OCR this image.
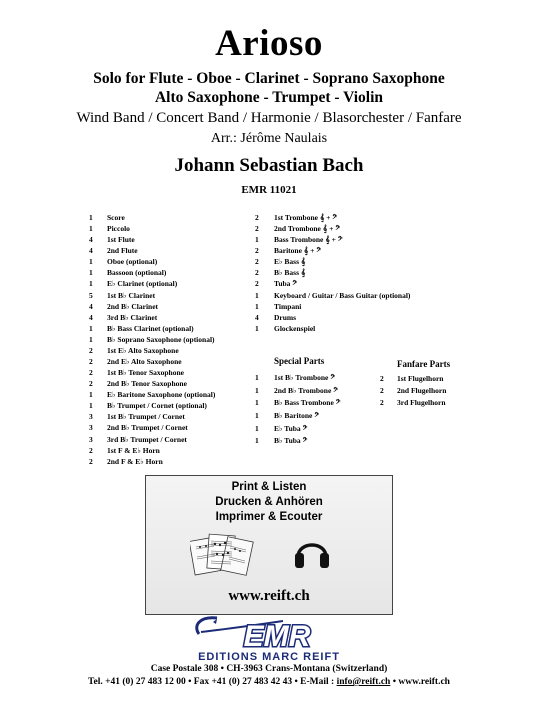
Arioso
Solo for Flute - Oboe - Clarinet - Soprano Saxophone
Alto Saxophone - Trumpet - Violin
Wind Band / Concert Band / Harmonie / Blasorchester / Fanfare
Arr.: Jérôme Naulais
Johann Sebastian Bach
EMR 11021
1 Score
1 Piccolo
4 1st Flute
4 2nd Flute
1 Oboe (optional)
1 Bassoon (optional)
1 E♭ Clarinet (optional)
5 1st B♭ Clarinet
4 2nd B♭ Clarinet
4 3rd B♭ Clarinet
1 B♭ Bass Clarinet (optional)
1 B♭ Soprano Saxophone (optional)
2 1st E♭ Alto Saxophone
2 2nd E♭ Alto Saxophone
2 1st B♭ Tenor Saxophone
2 2nd B♭ Tenor Saxophone
1 E♭ Baritone Saxophone (optional)
1 B♭ Trumpet / Cornet (optional)
3 1st B♭ Trumpet / Cornet
3 2nd B♭ Trumpet / Cornet
3 3rd B♭ Trumpet / Cornet
2 1st F & E♭ Horn
2 2nd F & E♭ Horn
2 1st Trombone 𝄞 + 𝄢
2 2nd Trombone 𝄞 + 𝄢
1 Bass Trombone 𝄞 + 𝄢
2 Baritone 𝄞 + 𝄢
2 E♭ Bass 𝄞
2 B♭ Bass 𝄞
2 Tuba 𝄢
1 Keyboard / Guitar / Bass Guitar (optional)
1 Timpani
4 Drums
1 Glockenspiel
Special Parts
1 1st B♭ Trombone 𝄢
1 2nd B♭ Trombone 𝄢
1 B♭ Bass Trombone 𝄢
1 B♭ Baritone 𝄢
1 E♭ Tuba 𝄢
1 B♭ Tuba 𝄢
Fanfare Parts
2 1st Flugelhorn
2 2nd Flugelhorn
2 3rd Flugelhorn
Print & Listen
Drucken & Anhören
Imprimer & Ecouter
www.reift.ch
EMR
EDITIONS MARC REIFT
Case Postale 308 • CH-3963 Crans-Montana (Switzerland)
Tel. +41 (0) 27 483 12 00 • Fax +41 (0) 27 483 42 43 • E-Mail : info@reift.ch • www.reift.ch
